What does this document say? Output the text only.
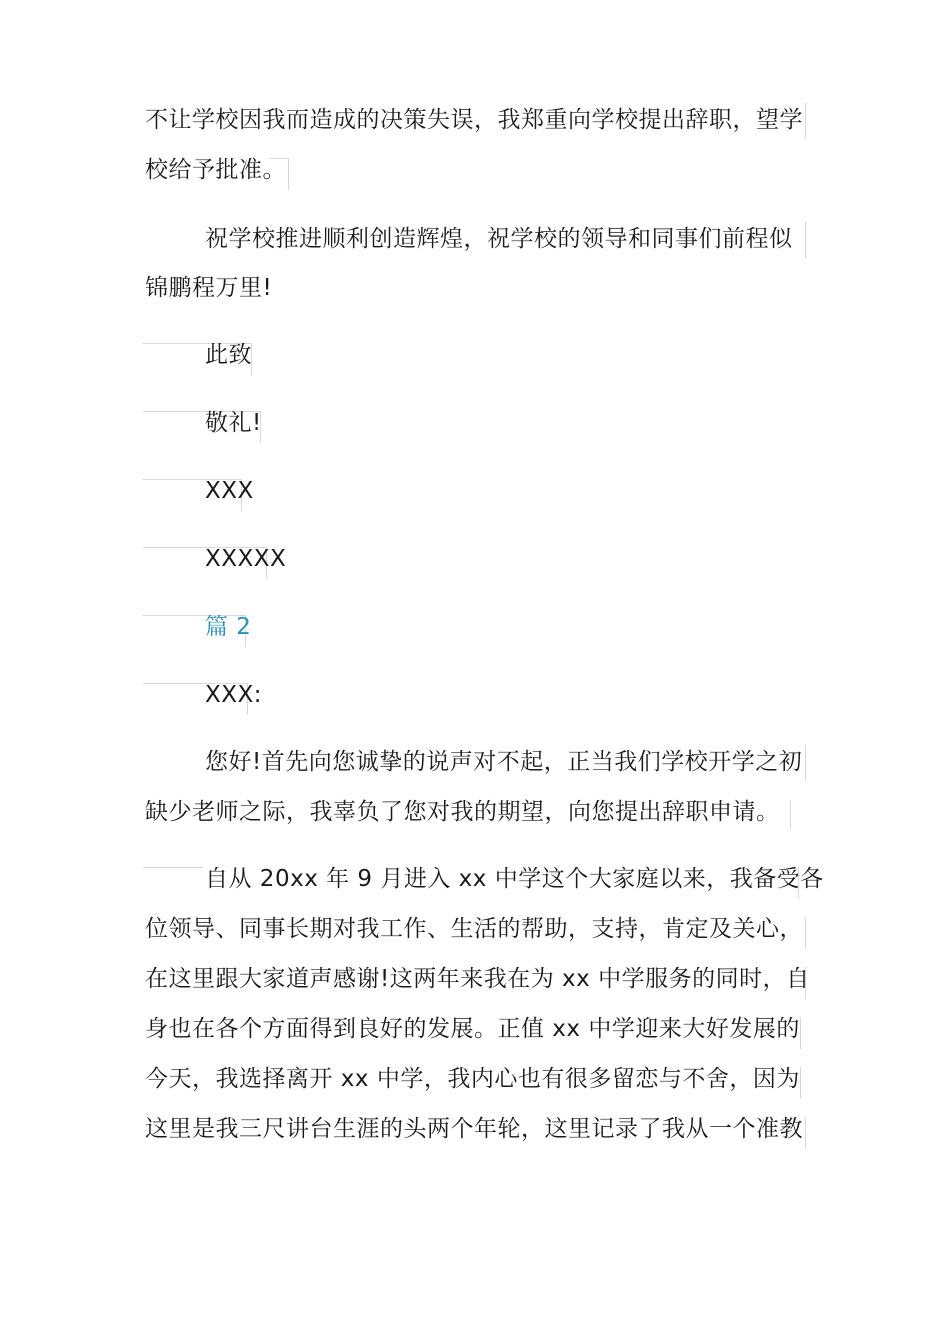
不让学校因我而造成的决策失误，我郑重向学校提出辞职，望学
校给予批准。
祝学校推进顺利创造辉煌，祝学校的领导和同事们前程似
锦鹏程万里!
此致
敬礼!
XXX
XXXXX
篇 2
XXX:
您好!首先向您诚挚的说声对不起，正当我们学校开学之初
缺少老师之际，我辜负了您对我的期望，向您提出辞职申请。
自从 20xx 年 9 月进入 xx 中学这个大家庭以来，我备受各
位领导、同事长期对我工作、生活的帮助，支持，肯定及关心，
在这里跟大家道声感谢!这两年来我在为 xx 中学服务的同时，自
身也在各个方面得到良好的发展。正值 xx 中学迎来大好发展的
今天，我选择离开 xx 中学，我内心也有很多留恋与不舍，因为
这里是我三尺讲台生涯的头两个年轮，这里记录了我从一个准教
